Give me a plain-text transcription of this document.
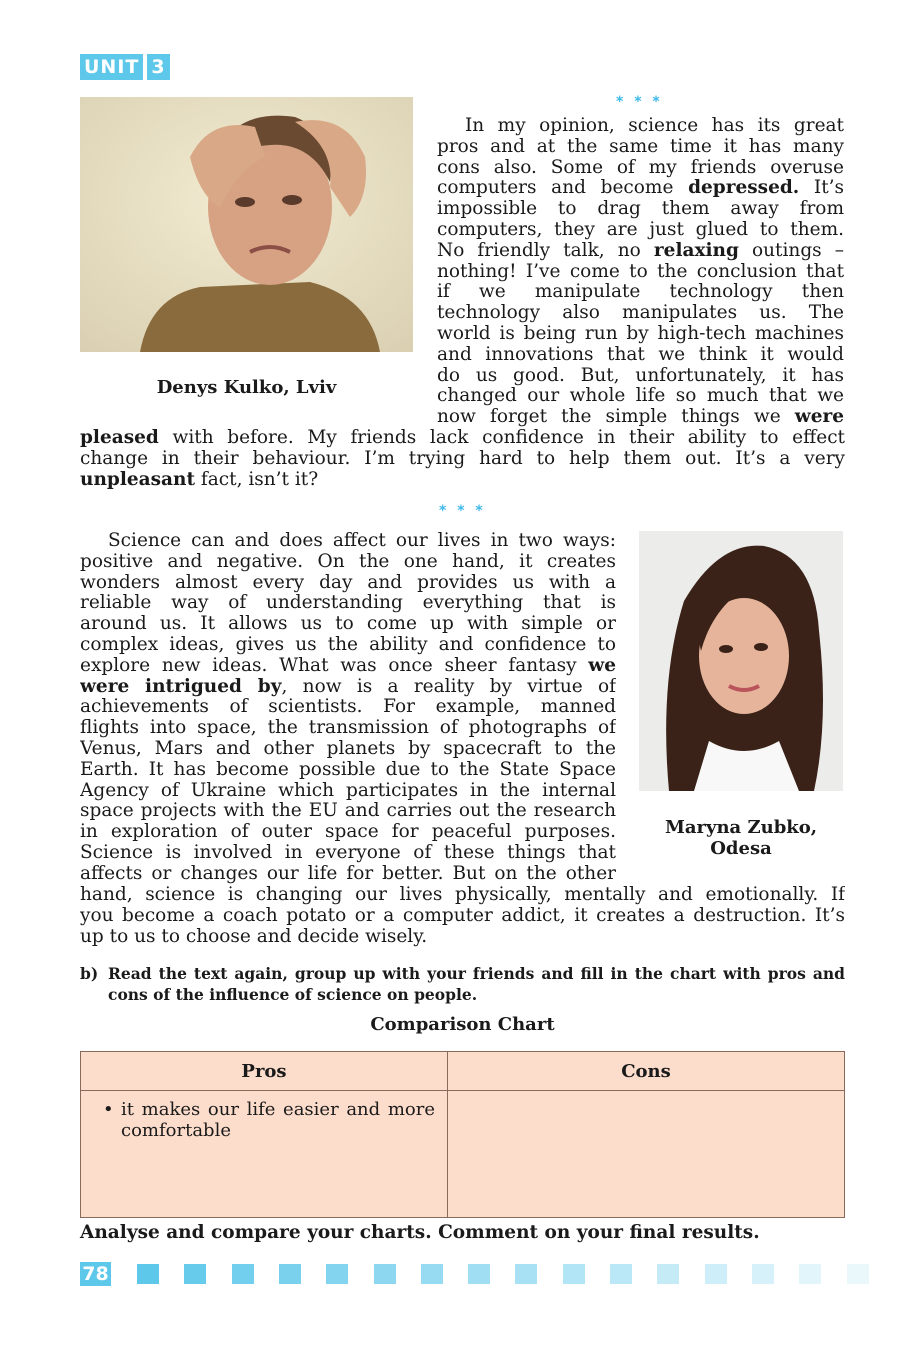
UNIT 3
Denys Kulko, Lviv
* * *
In my opinion, science has its great
pros and at the same time it has many
cons also. Some of my friends overuse
computers and become depressed. It’s
impossible to drag them away from
computers, they are just glued to them.
No friendly talk, no relaxing outings –
nothing! I’ve come to the conclusion that
if we manipulate technology then
technology also manipulates us. The
world is being run by high-tech machines
and innovations that we think it would
do us good. But, unfortunately, it has
changed our whole life so much that we
now forget the simple things we were
pleased with before. My friends lack confidence in their ability to effect
change in their behaviour. I’m trying hard to help them out. It’s a very
unpleasant fact, isn’t it?
* * *
Science can and does affect our lives in two ways:
positive and negative. On the one hand, it creates
wonders almost every day and provides us with a
reliable way of understanding everything that is
around us. It allows us to come up with simple or
complex ideas, gives us the ability and confidence to
explore new ideas. What was once sheer fantasy we
were intrigued by, now is a reality by virtue of
achievements of scientists. For example, manned
flights into space, the transmission of photographs of
Venus, Mars and other planets by spacecraft to the
Earth. It has become possible due to the State Space
Agency of Ukraine which participates in the internal
space projects with the EU and carries out the research
in exploration of outer space for peaceful purposes.
Science is involved in everyone of these things that
affects or changes our life for better. But on the other
hand, science is changing our lives physically, mentally and emotionally. If
you become a coach potato or a computer addict, it creates a destruction. It’s
up to us to choose and decide wisely.
Maryna Zubko,
Odesa
b) Read the text again, group up with your friends and fill in the chart with pros and cons of the influence of science on people.
Comparison Chart
Pros	Cons

• it makes our life easier and more comfortable

Analyse and compare your charts. Comment on your final results.
78
